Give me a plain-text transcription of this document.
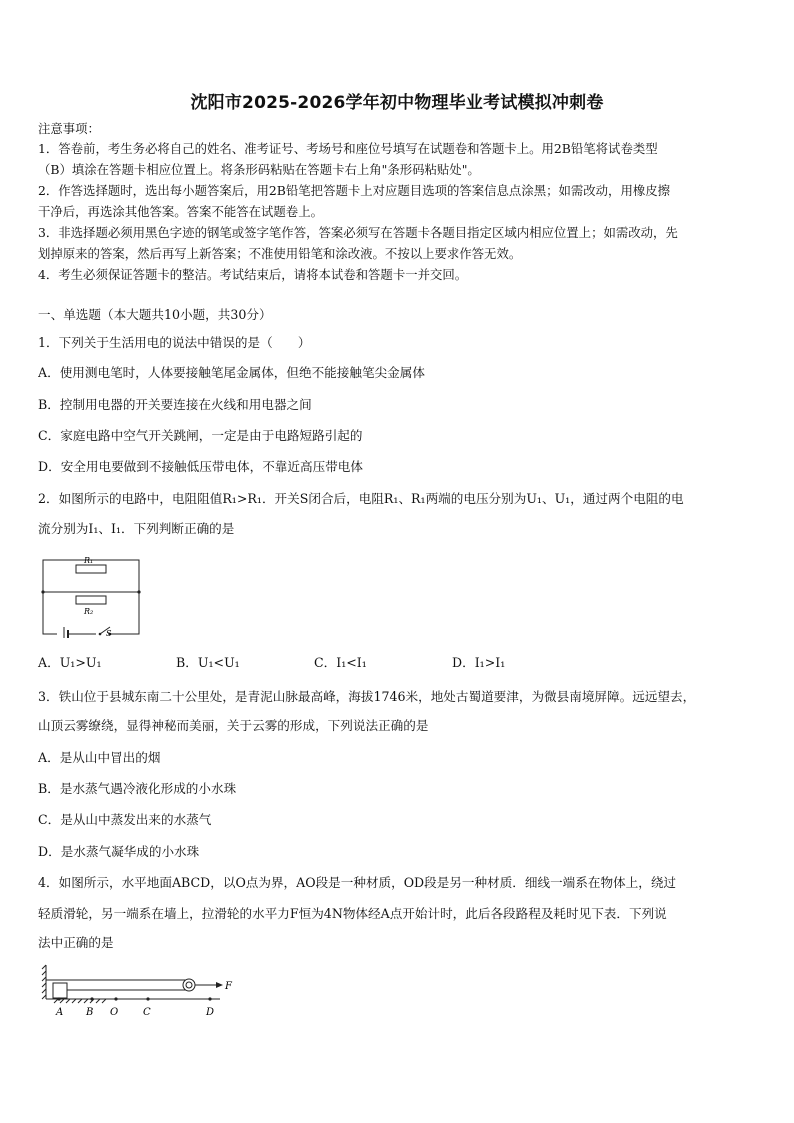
沈阳市2025-2026学年初中物理毕业考试模拟冲刺卷
注意事项：
1．答卷前，考生务必将自己的姓名、准考证号、考场号和座位号填写在试题卷和答题卡上。用2B铅笔将试卷类型
（B）填涂在答题卡相应位置上。将条形码粘贴在答题卡右上角"条形码粘贴处"。
2．作答选择题时，选出每小题答案后，用2B铅笔把答题卡上对应题目选项的答案信息点涂黑；如需改动，用橡皮擦
干净后，再选涂其他答案。答案不能答在试题卷上。
3．非选择题必须用黑色字迹的钢笔或签字笔作答，答案必须写在答题卡各题目指定区域内相应位置上；如需改动，先
划掉原来的答案，然后再写上新答案；不准使用铅笔和涂改液。不按以上要求作答无效。
4．考生必须保证答题卡的整洁。考试结束后，请将本试卷和答题卡一并交回。
一、单选题（本大题共10小题，共30分）
1．下列关于生活用电的说法中错误的是（　　）
A．使用测电笔时，人体要接触笔尾金属体，但绝不能接触笔尖金属体
B．控制用电器的开关要连接在火线和用电器之间
C．家庭电路中空气开关跳闸，一定是由于电路短路引起的
D．安全用电要做到不接触低压带电体，不靠近高压带电体
2．如图所示的电路中，电阻阻值R₁>R₁．开关S闭合后，电阻R₁、R₁两端的电压分别为U₁、U₁，通过两个电阻的电
流分别为I₁、I₁．下列判断正确的是
R₁
R₂
S
A．U₁>U₁	B．U₁<U₁	C．I₁<I₁	D．I₁>I₁
3．铁山位于县城东南二十公里处，是青泥山脉最高峰，海拔1746米，地处古蜀道要津，为微县南境屏障。远远望去，
山顶云雾缭绕，显得神秘而美丽，关于云雾的形成，下列说法正确的是
A．是从山中冒出的烟
B．是水蒸气遇冷液化形成的小水珠
C．是从山中蒸发出来的水蒸气
D．是水蒸气凝华成的小水珠
4．如图所示，水平地面ABCD，以O点为界，AO段是一种材质，OD段是另一种材质．细线一端系在物体上，绕过
轻质滑轮，另一端系在墙上，拉滑轮的水平力F恒为4N物体经A点开始计时，此后各段路程及耗时见下表．下列说
法中正确的是
F
A B O C	D
